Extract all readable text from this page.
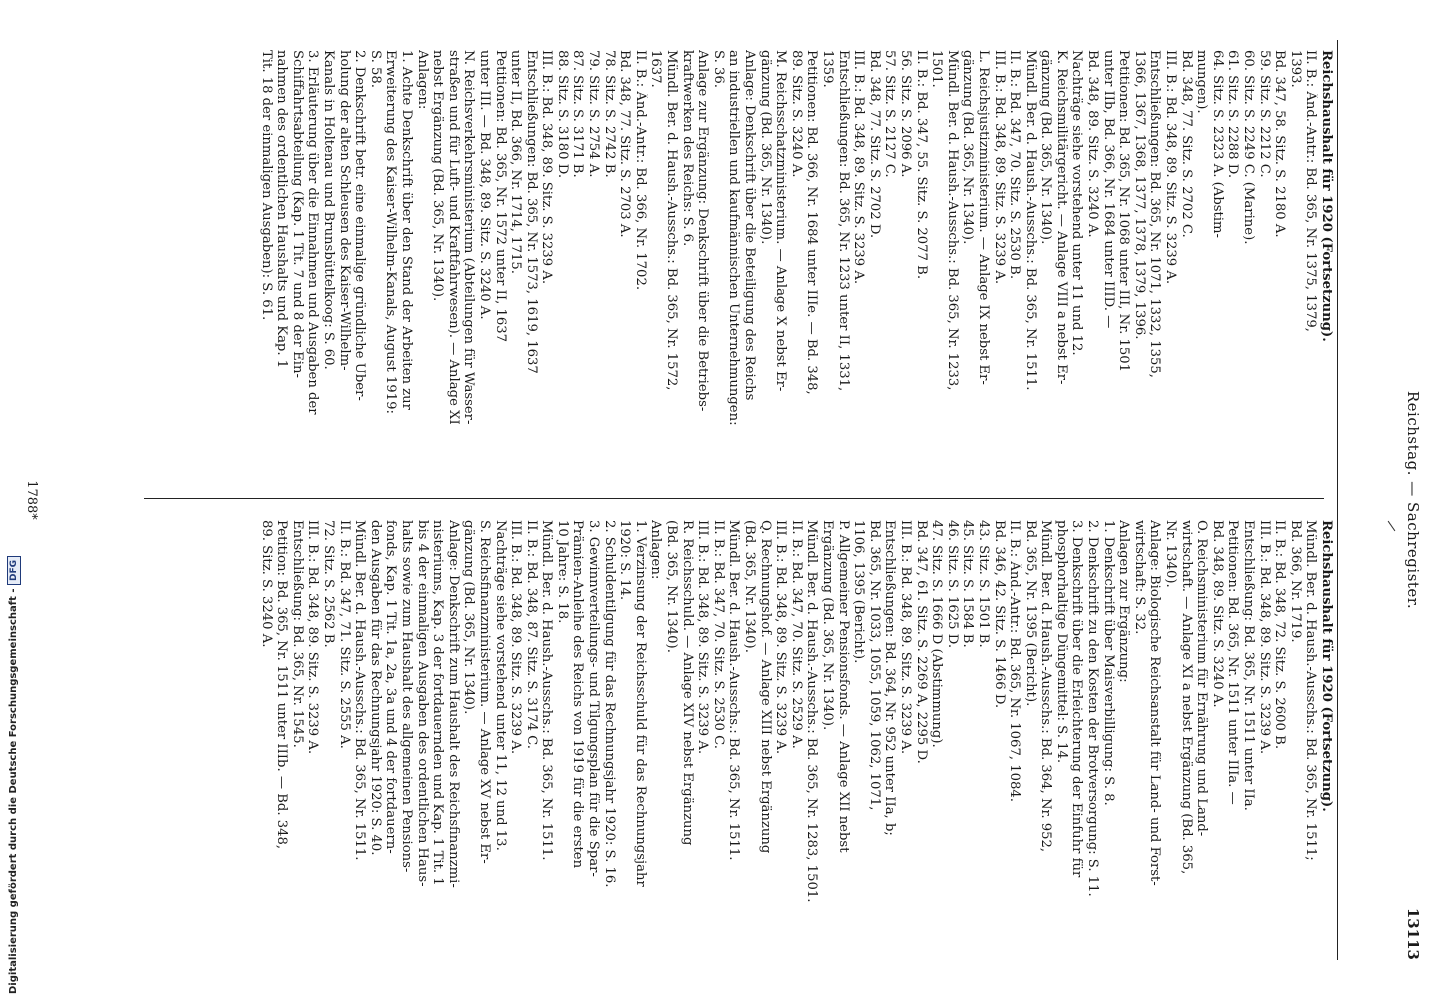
Reichstag. — Sachregister.
13113
Reichshaushalt für 1920 (Fortsetzung).
II. B.: Änd.-Antr.: Bd. 365, Nr. 1375, 1379,
1393.
Bd. 347, 58. Sitz. S. 2180 A.
59. Sitz. S. 2212 C.
60. Sitz. S. 2249 C. (Marine).
61. Sitz. S. 2288 D.
64. Sitz. S. 2323 A. (Abstim-
mungen).
Bd. 348, 77. Sitz. S. 2702 C.
III. B.: Bd. 348, 89. Sitz. S. 3239 A.
Entschließungen: Bd. 365, Nr. 1071, 1332, 1355,
1366, 1367, 1368, 1377, 1378, 1379, 1396.
Petitionen: Bd. 365, Nr. 1068 unter III, Nr. 1501
unter IIb, Bd. 366, Nr. 1684 unter IIID. —
Bd. 348, 89. Sitz. S. 3240 A.
Nachträge siehe vorstehend unter 11 und 12.
K. Reichsmilitärgericht. — Anlage VIII a nebst Er-
gänzung (Bd. 365, Nr. 1340).
Mündl. Ber. d. Haush.-Ausschs.: Bd. 365, Nr. 1511.
II. B.: Bd. 347, 70. Sitz. S. 2530 B.
III. B.: Bd. 348, 89. Sitz. S. 3239 A.
L. Reichsjustizministerium. — Anlage IX nebst Er-
gänzung (Bd. 365, Nr. 1340).
Mündl. Ber. d. Haush.-Ausschs.: Bd. 365, Nr. 1233,
1501.
II. B.: Bd. 347, 55. Sitz. S. 2077 B.
56. Sitz. S. 2096 A.
57. Sitz. S. 2127 C.
Bd. 348, 77. Sitz. S. 2702 D.
III. B.: Bd. 348, 89. Sitz. S. 3239 A.
Entschließungen: Bd. 365, Nr. 1233 unter II, 1331,
1359.
Petitionen: Bd. 366, Nr. 1684 unter IIIe. — Bd. 348,
89. Sitz. S. 3240 A.
M. Reichsschatzministerium. — Anlage X nebst Er-
gänzung (Bd. 365, Nr. 1340).
Anlage: Denkschrift über die Beteiligung des Reichs
an industriellen und kaufmännischen Unternehmungen:
S. 36.
Anlage zur Ergänzung: Denkschrift über die Betriebs-
kraftwerken des Reichs: S. 6.
Mündl. Ber. d. Haush.-Ausschs.: Bd. 365, Nr. 1572,
1637.
II. B.: Änd.-Antr.: Bd. 366, Nr. 1702.
Bd. 348, 77. Sitz. S. 2703 A.
78. Sitz. S. 2742 B.
79. Sitz. S. 2754 A.
87. Sitz. S. 3171 B.
88. Sitz. S. 3180 D.
III. B.: Bd. 348, 89. Sitz. S. 3239 A.
Entschließungen: Bd. 365, Nr. 1573, 1619, 1637
unter II, Bd. 366, Nr. 1714, 1715.
Petitionen: Bd. 365, Nr. 1572 unter II, 1637
unter III. — Bd. 348, 89. Sitz. S. 3240 A.
N. Reichsverkehrsministerium (Abteilungen für Wasser-
straßen und für Luft- und Kraftfahrwesen). — Anlage XI
nebst Ergänzung (Bd. 365, Nr. 1340).
Anlagen:
1. Achte Denkschrift über den Stand der Arbeiten zur
Erweiterung des Kaiser-Wilhelm-Kanals, August 1919:
S. 58.
2. Denkschrift betr. eine einmalige gründliche Über-
holung der alten Schleusen des Kaiser-Wilhelm-
Kanals in Holtenau und Brunsbüttelkoog: S. 60.
3. Erläuterung über die Einnahmen und Ausgaben der
Schiffahrtsabteilung (Kap. 1 Tit. 7 und 8 der Ein-
nahmen des ordentlichen Haushalts und Kap. 1
Tit. 18 der einmaligen Ausgaben): S. 61.
Reichshaushalt für 1920 (Fortsetzung).
Mündl. Ber. d. Haush.-Ausschs.: Bd. 365, Nr. 1511;
Bd. 366, Nr. 1719.
II. B.: Bd. 348, 72. Sitz. S. 2600 B.
III. B.: Bd. 348, 89. Sitz. S. 3239 A.
Entschließung: Bd. 365, Nr. 1511 unter IIa.
Petitionen: Bd. 365, Nr. 1511 unter IIIa. —
Bd. 348, 89. Sitz. S. 3240 A.
O. Reichsministerium für Ernährung und Land-
wirtschaft. — Anlage XI a nebst Ergänzung (Bd. 365,
Nr. 1340).
Anlage: Biologische Reichsanstalt für Land- und Forst-
wirtschaft: S. 32.
Anlagen zur Ergänzung:
1. Denkschrift über Maisverbilligung: S. 8.
2. Denkschrift zu den Kosten der Brotversorgung: S. 11.
3. Denkschrift über die Erleichterung der Einfuhr für
phosphorhaltige Düngemittel: S. 14.
Mündl. Ber. d. Haush.-Ausschs.: Bd. 364, Nr. 952,
Bd. 365, Nr. 1395 (Bericht).
II. B.: Änd.-Antr.: Bd. 365, Nr. 1067, 1084.
Bd. 346, 42. Sitz. S. 1466 D.
43. Sitz. S. 1501 B.
45. Sitz. S. 1584 B.
46. Sitz. S. 1625 D.
47. Sitz. S. 1666 D (Abstimmung).
Bd. 347, 61. Sitz. S. 2269 A, 2295 D.
III. B.: Bd. 348, 89. Sitz. S. 3239 A.
Entschließungen: Bd. 364, Nr. 952 unter IIa, b;
Bd. 365, Nr. 1033, 1055, 1059, 1062, 1071,
1106, 1395 (Bericht).
P. Allgemeiner Pensionsfonds. — Anlage XII nebst
Ergänzung (Bd. 365, Nr. 1340).
Mündl. Ber. d. Haush.-Ausschs.: Bd. 365, Nr. 1283, 1501.
II. B.: Bd. 347, 70. Sitz. S. 2529 A.
III. B.: Bd. 348, 89. Sitz. S. 3239 A.
Q. Rechnungshof. — Anlage XIII nebst Ergänzung
(Bd. 365, Nr. 1340).
Mündl. Ber. d. Haush.-Ausschs.: Bd. 365, Nr. 1511.
II. B.: Bd. 347, 70. Sitz. S. 2530 C.
III. B.: Bd. 348, 89. Sitz. S. 3239 A.
R. Reichsschuld. — Anlage XIV nebst Ergänzung
(Bd. 365, Nr. 1340).
Anlagen:
1. Verzinsung der Reichsschuld für das Rechnungsjahr
1920: S. 14.
2. Schuldentilgung für das Rechnungsjahr 1920: S. 16.
3. Gewinnverteilungs- und Tilgungsplan für die Spar-
Prämien-Anleihe des Reichs von 1919 für die ersten
10 Jahre: S. 18.
Mündl. Ber. d. Haush.-Ausschs.: Bd. 365, Nr. 1511.
II. B.: Bd. 348, 87. Sitz. S. 3174 C.
III. B.: Bd. 348, 89. Sitz. S. 3239 A.
Nachträge siehe vorstehend unter 11, 12 und 13.
S. Reichsfinanzministerium. — Anlage XV nebst Er-
gänzung (Bd. 365, Nr. 1340).
Anlage: Denkschrift zum Haushalt des Reichsfinanzmi-
nisteriums, Kap. 3 der fortdauernden und Kap. 1 Tit. 1
bis 4 der einmaligen Ausgaben des ordentlichen Haus-
halts sowie zum Haushalt des allgemeinen Pensions-
fonds, Kap. 1 Tit. 1a, 2a, 3a und 4 der fortdauern-
den Ausgaben für das Rechnungsjahr 1920: S. 40.
Mündl. Ber. d. Haush.-Ausschs.: Bd. 365, Nr. 1511.
II. B.: Bd. 347, 71. Sitz. S. 2555 A.
72. Sitz. S. 2562 B.
III. B.: Bd. 348, 89. Sitz. S. 3239 A.
Entschließung: Bd. 365, Nr. 1545.
Petition: Bd. 365, Nr. 1511 unter IIIb. — Bd. 348,
89. Sitz. S. 3240 A.
1788*
Digitalisierung gefördert durch die Deutsche Forschungsgemeinschaft - DFG
